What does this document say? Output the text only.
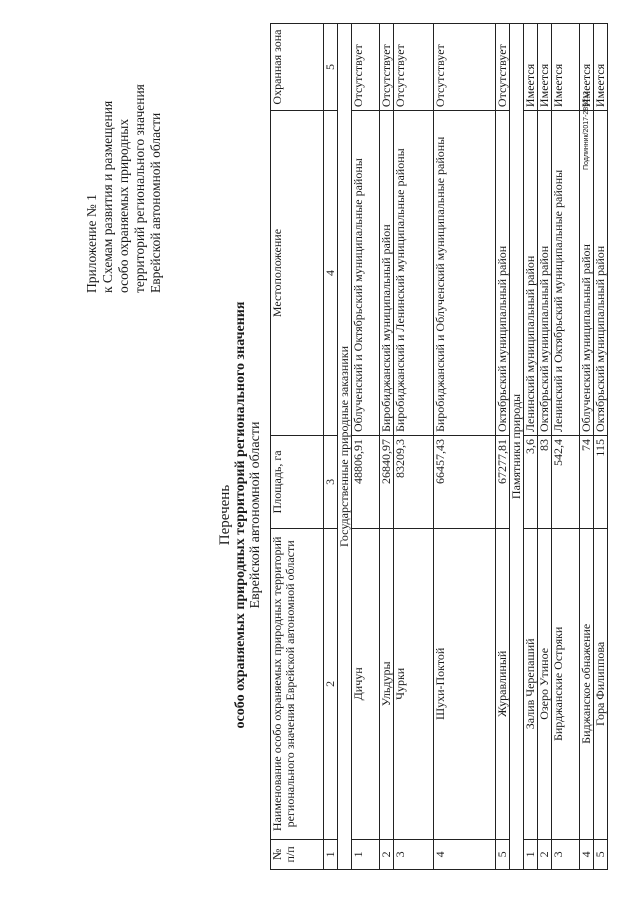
Приложение № 1 к Схемам развития и размещения особо охраняемых природных территорий регионального значения Еврейской автономной области
Перечень особо охраняемых природных территорий регионального значения Еврейской автономной области
№ п/п	Наименование особо охраняемых природных территорий регионального значения Еврейской автономной области	Площадь, га	Местоположение	Охранная зона
1	2	3	4	5
Государственные природные заказники				
1	Дичун	48806,91	Облученский и Октябрьский муниципальные районы	Отсутствует
2	Ульдуры	26840,97	Биробиджанский муниципальный район	Отсутствует
3	Чурки	83209,3	Биробиджанский и Ленинский муниципальные районы	Отсутствует
4	Шухи-Поктой	66457,43	Биробиджанский и Облученский муниципальные районы	Отсутствует
5	Журавлиный	67277,81	Октябрьский муниципальный район	Отсутствует
Памятники природы				
1	Залив Черепаший	3,6	Ленинский муниципальный район	Имеется
2	Озеро Утиное	83	Октябрьский муниципальный район	Имеется
3	Бирджанские Остряки	542,4	Ленинский и Октябрьский муниципальные районы	Имеется
4	Биджанское обнажение	74	Облученский муниципальный район	Имеется
5	Гора Филиппова	115	Октябрьский муниципальный район	Имеется
Подлинник/2017-289212
